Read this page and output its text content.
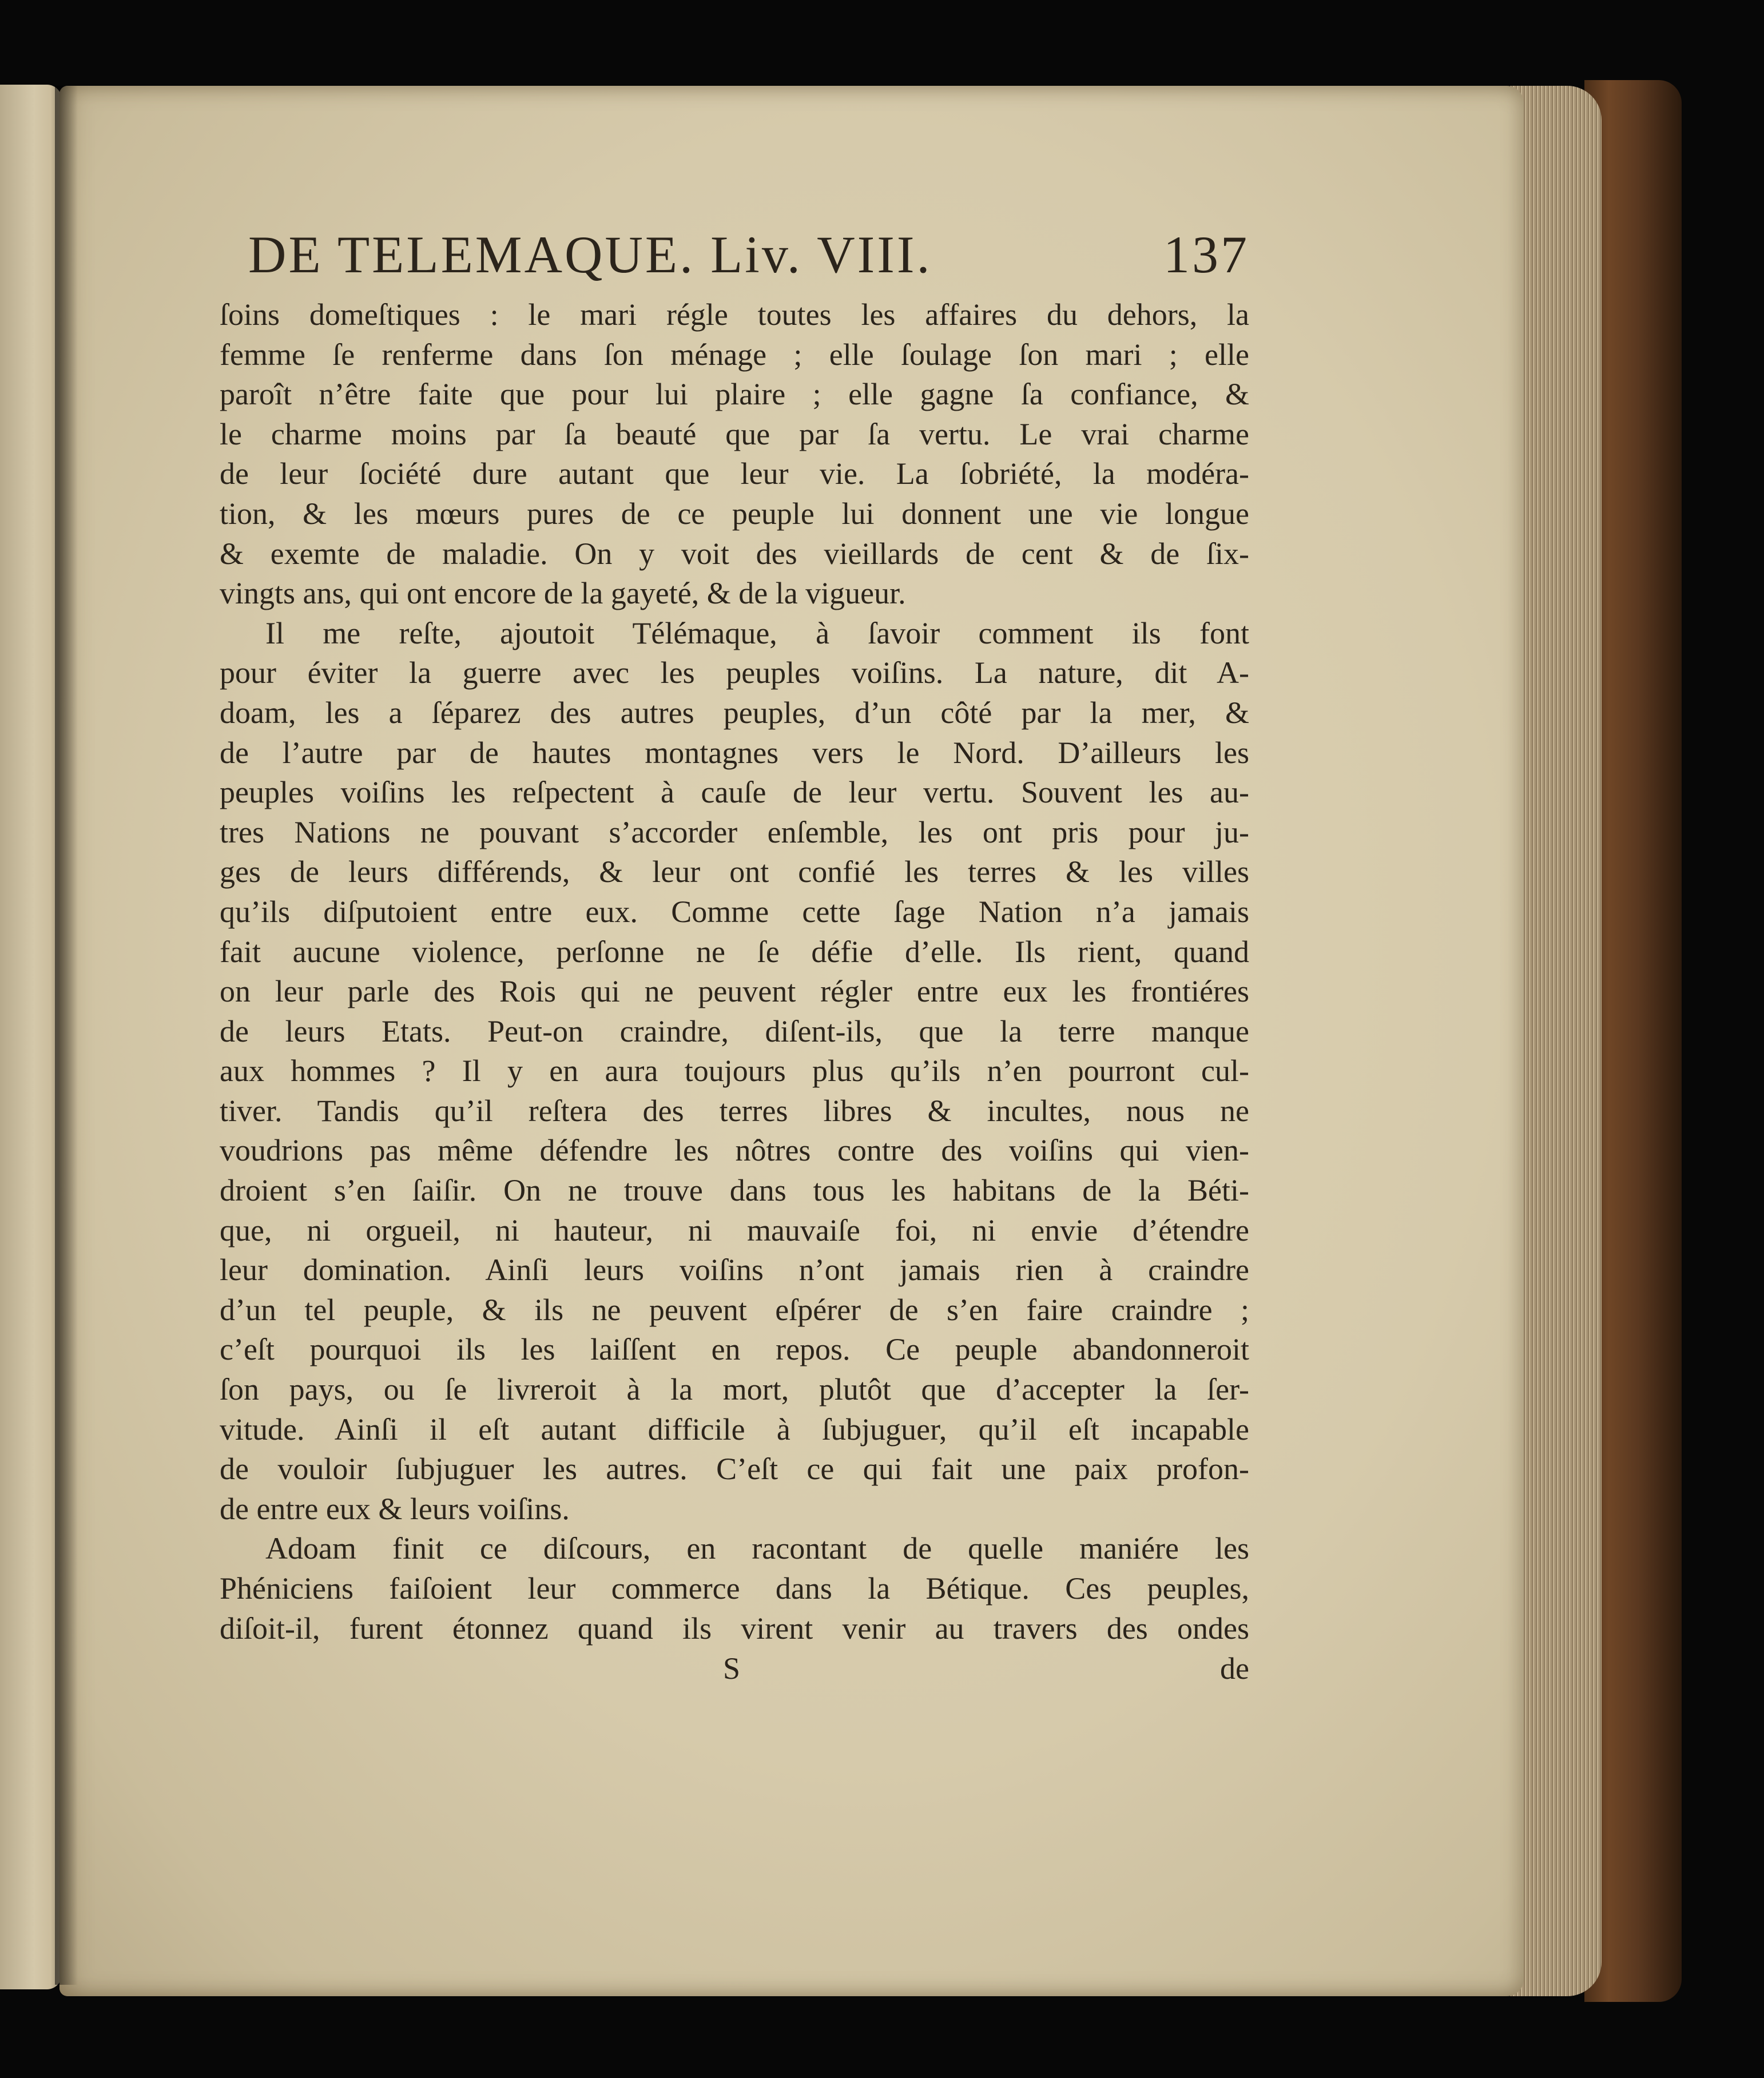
DE TELEMAQUE. Liv. VIII.	137
ſoins domeſtiques : le mari régle toutes les affaires du dehors, la
femme ſe renferme dans ſon ménage ; elle ſoulage ſon mari ; elle
paroît n’être faite que pour lui plaire ; elle gagne ſa confiance, &
le charme moins par ſa beauté que par ſa vertu. Le vrai charme
de leur ſociété dure autant que leur vie. La ſobriété, la modéra-
tion, & les mœurs pures de ce peuple lui donnent une vie longue
& exemte de maladie. On y voit des vieillards de cent & de ſix-
vingts ans, qui ont encore de la gayeté, & de la vigueur.
Il me reſte, ajoutoit Télémaque, à ſavoir comment ils font
pour éviter la guerre avec les peuples voiſins. La nature, dit A-
doam, les a ſéparez des autres peuples, d’un côté par la mer, &
de l’autre par de hautes montagnes vers le Nord. D’ailleurs les
peuples voiſins les reſpectent à cauſe de leur vertu. Souvent les au-
tres Nations ne pouvant s’accorder enſemble, les ont pris pour ju-
ges de leurs différends, & leur ont confié les terres & les villes
qu’ils diſputoient entre eux. Comme cette ſage Nation n’a jamais
fait aucune violence, perſonne ne ſe défie d’elle. Ils rient, quand
on leur parle des Rois qui ne peuvent régler entre eux les frontiéres
de leurs Etats. Peut-on craindre, diſent-ils, que la terre manque
aux hommes ? Il y en aura toujours plus qu’ils n’en pourront cul-
tiver. Tandis qu’il reſtera des terres libres & incultes, nous ne
voudrions pas même défendre les nôtres contre des voiſins qui vien-
droient s’en ſaiſir. On ne trouve dans tous les habitans de la Béti-
que, ni orgueil, ni hauteur, ni mauvaiſe foi, ni envie d’étendre
leur domination. Ainſi leurs voiſins n’ont jamais rien à craindre
d’un tel peuple, & ils ne peuvent eſpérer de s’en faire craindre ;
c’eſt pourquoi ils les laiſſent en repos. Ce peuple abandonneroit
ſon pays, ou ſe livreroit à la mort, plutôt que d’accepter la ſer-
vitude. Ainſi il eſt autant difficile à ſubjuguer, qu’il eſt incapable
de vouloir ſubjuguer les autres. C’eſt ce qui fait une paix profon-
de entre eux & leurs voiſins.
Adoam finit ce diſcours, en racontant de quelle maniére les
Phéniciens faiſoient leur commerce dans la Bétique. Ces peuples,
diſoit-il, furent étonnez quand ils virent venir au travers des ondes
S	de
